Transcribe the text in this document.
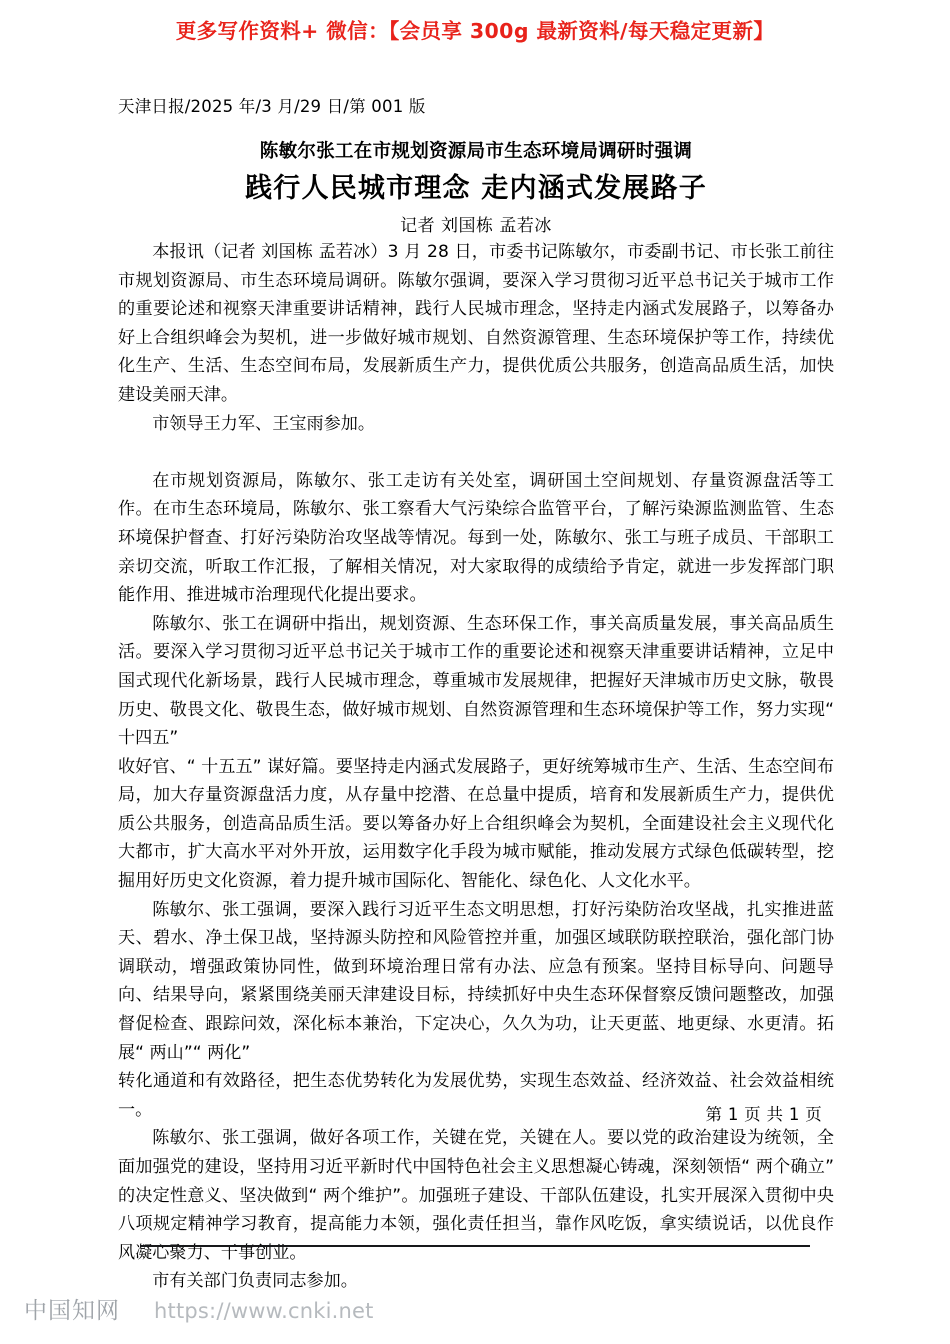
更多写作资料+ 微信：【会员享 300g 最新资料/每天稳定更新】
天津日报/2025 年/3 月/29 日/第 001 版
陈敏尔张工在市规划资源局市生态环境局调研时强调
践行人民城市理念 走内涵式发展路子
记者 刘国栋 孟若冰

本报讯（记者 刘国栋 孟若冰）3 月 28 日，市委书记陈敏尔，市委副书记、市长张工前往市规划资源局、市生态环境局调研。陈敏尔强调，要深入学习贯彻习近平总书记关于城市工作的重要论述和视察天津重要讲话精神，践行人民城市理念，坚持走内涵式发展路子，以筹备办好上合组织峰会为契机，进一步做好城市规划、自然资源管理、生态环境保护等工作，持续优化生产、生活、生态空间布局，发展新质生产力，提供优质公共服务，创造高品质生活，加快建设美丽天津。

市领导王力军、王宝雨参加。

在市规划资源局，陈敏尔、张工走访有关处室，调研国土空间规划、存量资源盘活等工作。在市生态环境局，陈敏尔、张工察看大气污染综合监管平台，了解污染源监测监管、生态环境保护督查、打好污染防治攻坚战等情况。每到一处，陈敏尔、张工与班子成员、干部职工亲切交流，听取工作汇报，了解相关情况，对大家取得的成绩给予肯定，就进一步发挥部门职能作用、推进城市治理现代化提出要求。

陈敏尔、张工在调研中指出，规划资源、生态环保工作，事关高质量发展，事关高品质生活。要深入学习贯彻习近平总书记关于城市工作的重要论述和视察天津重要讲话精神，立足中国式现代化新场景，践行人民城市理念，尊重城市发展规律，把握好天津城市历史文脉，敬畏历史、敬畏文化、敬畏生态，做好城市规划、自然资源管理和生态环境保护等工作，努力实现“ 十四五”

收好官、“ 十五五” 谋好篇。要坚持走内涵式发展路子，更好统筹城市生产、生活、生态空间布局，加大存量资源盘活力度，从存量中挖潜、在总量中提质，培育和发展新质生产力，提供优质公共服务，创造高品质生活。要以筹备办好上合组织峰会为契机，全面建设社会主义现代化大都市，扩大高水平对外开放，运用数字化手段为城市赋能，推动发展方式绿色低碳转型，挖掘用好历史文化资源，着力提升城市国际化、智能化、绿色化、人文化水平。

陈敏尔、张工强调，要深入践行习近平生态文明思想，打好污染防治攻坚战，扎实推进蓝天、碧水、净土保卫战，坚持源头防控和风险管控并重，加强区域联防联控联治，强化部门协调联动，增强政策协同性，做到环境治理日常有办法、应急有预案。坚持目标导向、问题导向、结果导向，紧紧围绕美丽天津建设目标，持续抓好中央生态环保督察反馈问题整改，加强督促检查、跟踪问效，深化标本兼治，下定决心，久久为功，让天更蓝、地更绿、水更清。拓展“ 两山”“ 两化”

转化通道和有效路径，把生态优势转化为发展优势，实现生态效益、经济效益、社会效益相统一。

陈敏尔、张工强调，做好各项工作，关键在党，关键在人。要以党的政治建设为统领，全面加强党的建设，坚持用习近平新时代中国特色社会主义思想凝心铸魂，深刻领悟“ 两个确立” 的决定性意义、坚决做到“ 两个维护”。加强班子建设、干部队伍建设，扎实开展深入贯彻中央八项规定精神学习教育，提高能力本领，强化责任担当，靠作风吃饭，拿实绩说话，以优良作风凝心聚力、干事创业。

市有关部门负责同志参加。

第 1 页 共 1 页
中国知网 https://www.cnki.net
